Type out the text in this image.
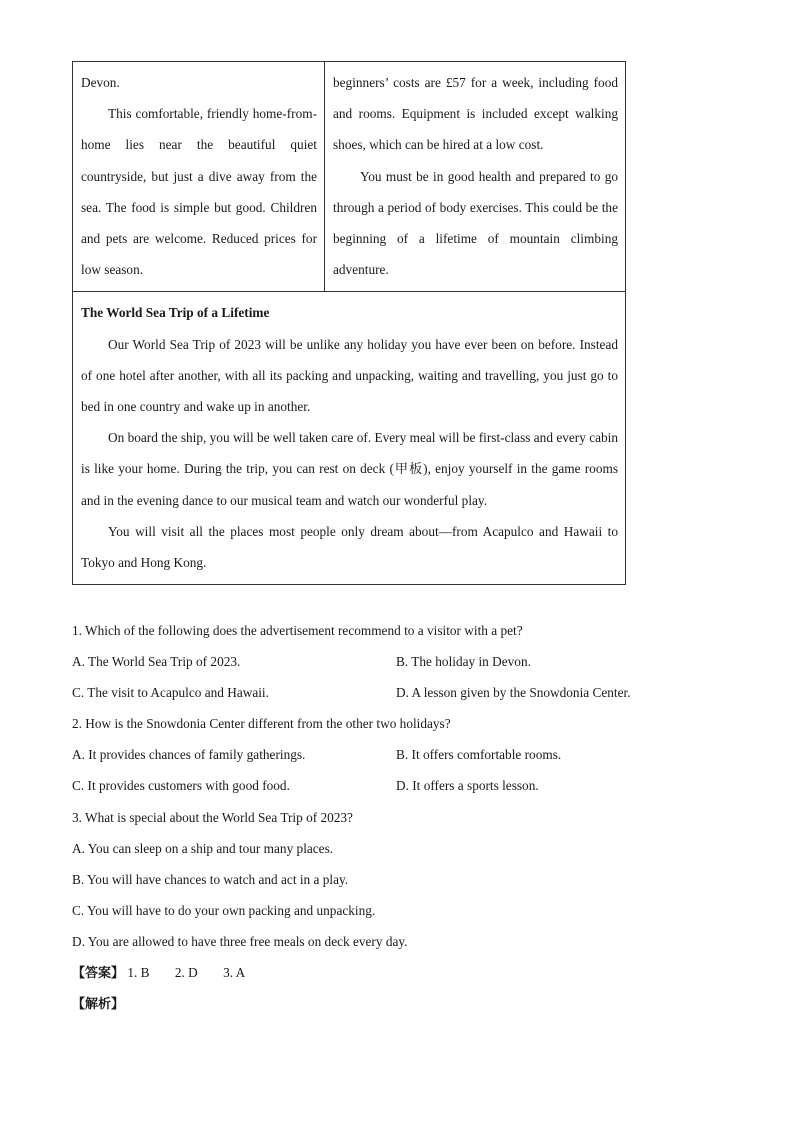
Devon.

This comfortable, friendly home-from-home lies near the beautiful quiet countryside, but just a dive away from the sea. The food is simple but good. Children and pets are welcome. Reduced prices for low season.

beginners’ costs are £57 for a week, including food and rooms. Equipment is included except walking shoes, which can be hired at a low cost.

You must be in good health and prepared to go through a period of body exercises. This could be the beginning of a lifetime of mountain climbing adventure.

The World Sea Trip of a Lifetime

Our World Sea Trip of 2023 will be unlike any holiday you have ever been on before. Instead of one hotel after another, with all its packing and unpacking, waiting and travelling, you just go to bed in one country and wake up in another.

On board the ship, you will be well taken care of. Every meal will be first-class and every cabin is like your home. During the trip, you can rest on deck (甲板), enjoy yourself in the game rooms and in the evening dance to our musical team and watch our wonderful play.

You will visit all the places most people only dream about—from Acapulco and Hawaii to Tokyo and Hong Kong.

1. Which of the following does the advertisement recommend to a visitor with a pet?

A. The World Sea Trip of 2023.	B. The holiday in Devon.
C. The visit to Acapulco and Hawaii.	D. A lesson given by the Snowdonia Center.

2. How is the Snowdonia Center different from the other two holidays?

A. It provides chances of family gatherings.	B. It offers comfortable rooms.
C. It provides customers with good food.	D. It offers a sports lesson.

3. What is special about the World Sea Trip of 2023?

A. You can sleep on a ship and tour many places.

B. You will have chances to watch and act in a play.

C. You will have to do your own packing and unpacking.

D. You are allowed to have three free meals on deck every day.

【答案】 1. B 2. D 3. A

【解析】
